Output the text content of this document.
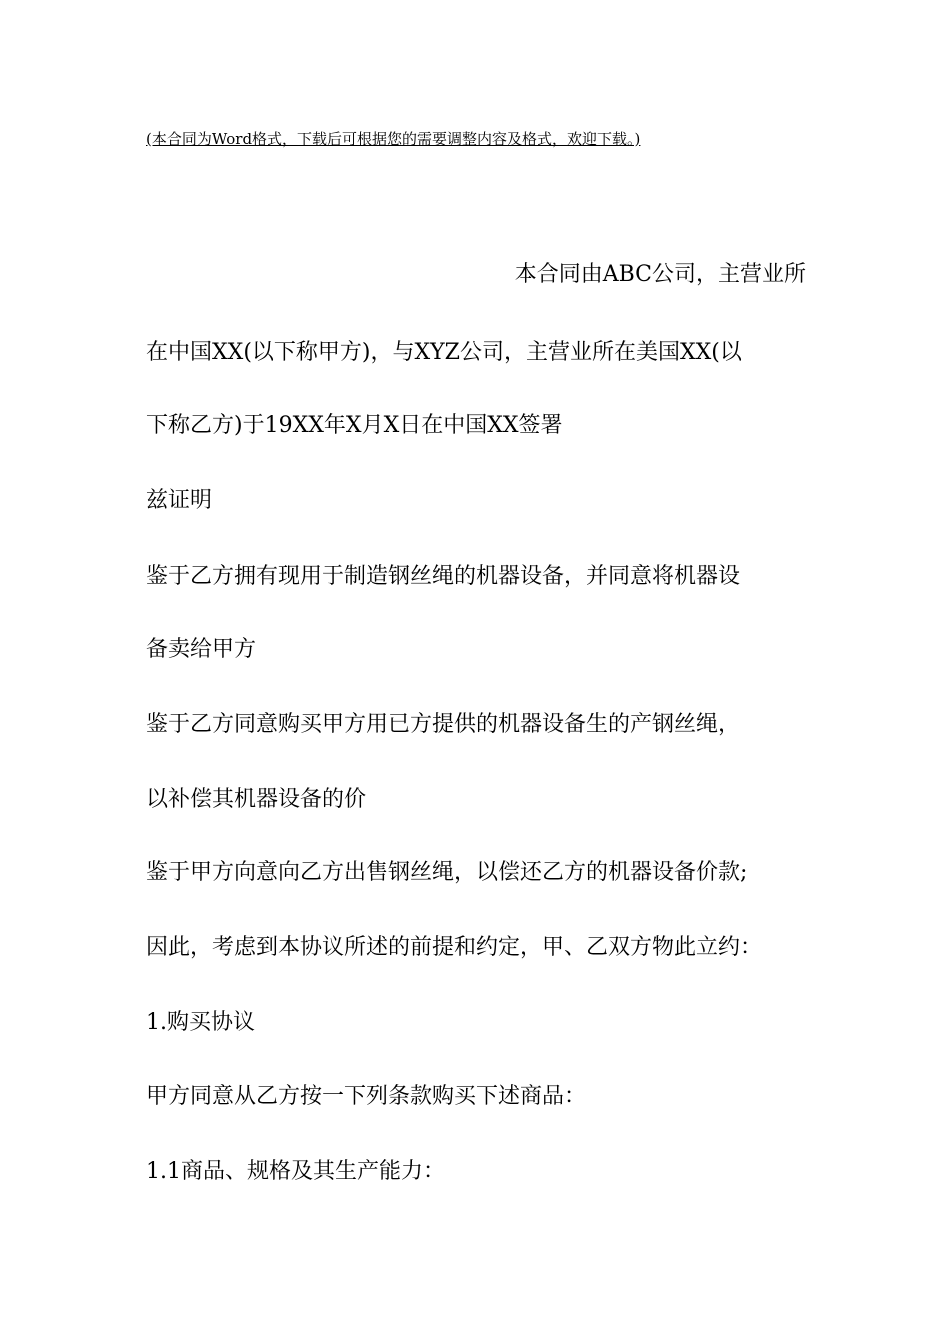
(本合同为Word格式，下载后可根据您的需要调整内容及格式，欢迎下载。)
本合同由ABC公司，主营业所
在中国XX(以下称甲方)，与XYZ公司，主营业所在美国XX(以
下称乙方)于19XX年X月X日在中国XX签署
兹证明
鉴于乙方拥有现用于制造钢丝绳的机器设备，并同意将机器设
备卖给甲方
鉴于乙方同意购买甲方用已方提供的机器设备生的产钢丝绳，
以补偿其机器设备的价
鉴于甲方向意向乙方出售钢丝绳，以偿还乙方的机器设备价款;
因此，考虑到本协议所述的前提和约定，甲、乙双方物此立约：
1.购买协议
甲方同意从乙方按一下列条款购买下述商品：
1.1商品、规格及其生产能力：
